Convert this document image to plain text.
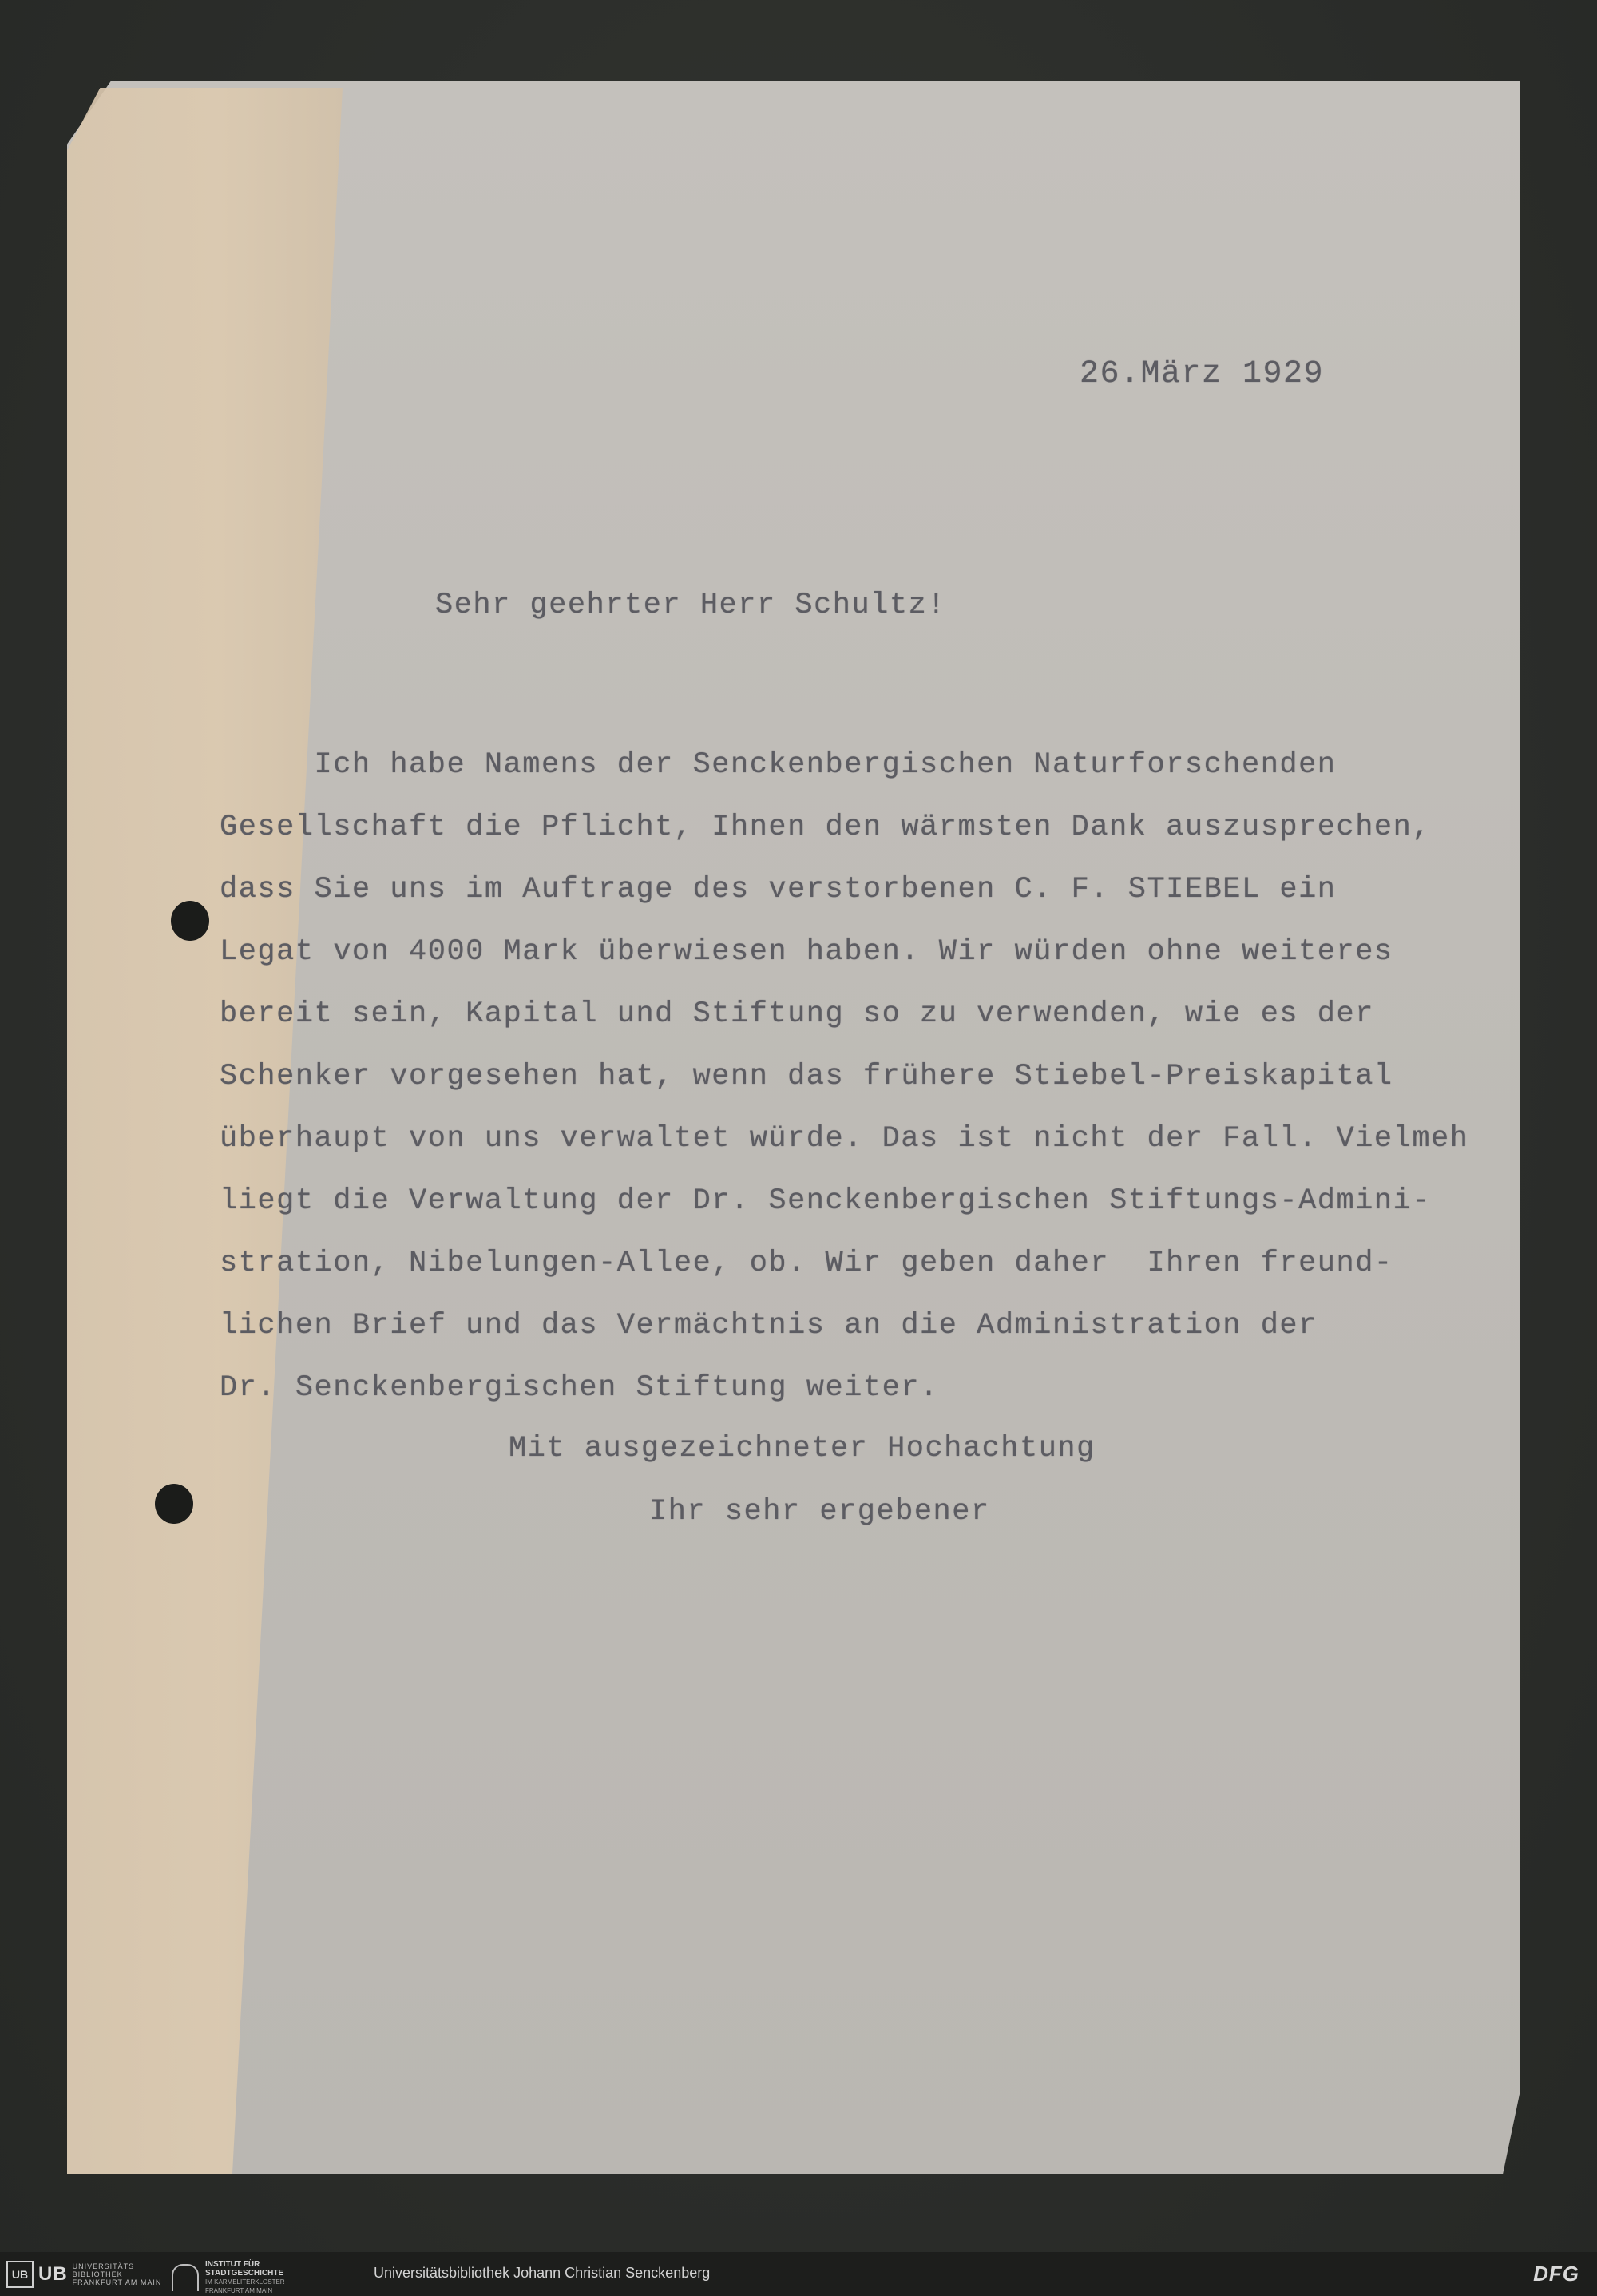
26.März 1929
Sehr geehrter Herr Schultz!
Ich habe Namens der Senckenbergischen Naturforschenden
Gesellschaft die Pflicht, Ihnen den wärmsten Dank auszusprechen,
dass Sie uns im Auftrage des verstorbenen C. F. STIEBEL ein
Legat von 4000 Mark überwiesen haben. Wir würden ohne weiteres
bereit sein, Kapital und Stiftung so zu verwenden, wie es der
Schenker vorgesehen hat, wenn das frühere Stiebel-Preiskapital
überhaupt von uns verwaltet würde. Das ist nicht der Fall. Vielmeh
liegt die Verwaltung der Dr. Senckenbergischen Stiftungs-Admini-
stration, Nibelungen-Allee, ob. Wir geben daher  Ihren freund-
lichen Brief und das Vermächtnis an die Administration der
Dr. Senckenbergischen Stiftung weiter.
Mit ausgezeichneter Hochachtung
Ihr sehr ergebener
UB UB UNIVERSITÄTS
BIBLIOTHEK
FRANKFURT AM MAIN
INSTITUT FÜR
STADTGESCHICHTE
IM KARMELITERKLOSTER
FRANKFURT AM MAIN
Universitätsbibliothek Johann Christian Senckenberg	DFG
